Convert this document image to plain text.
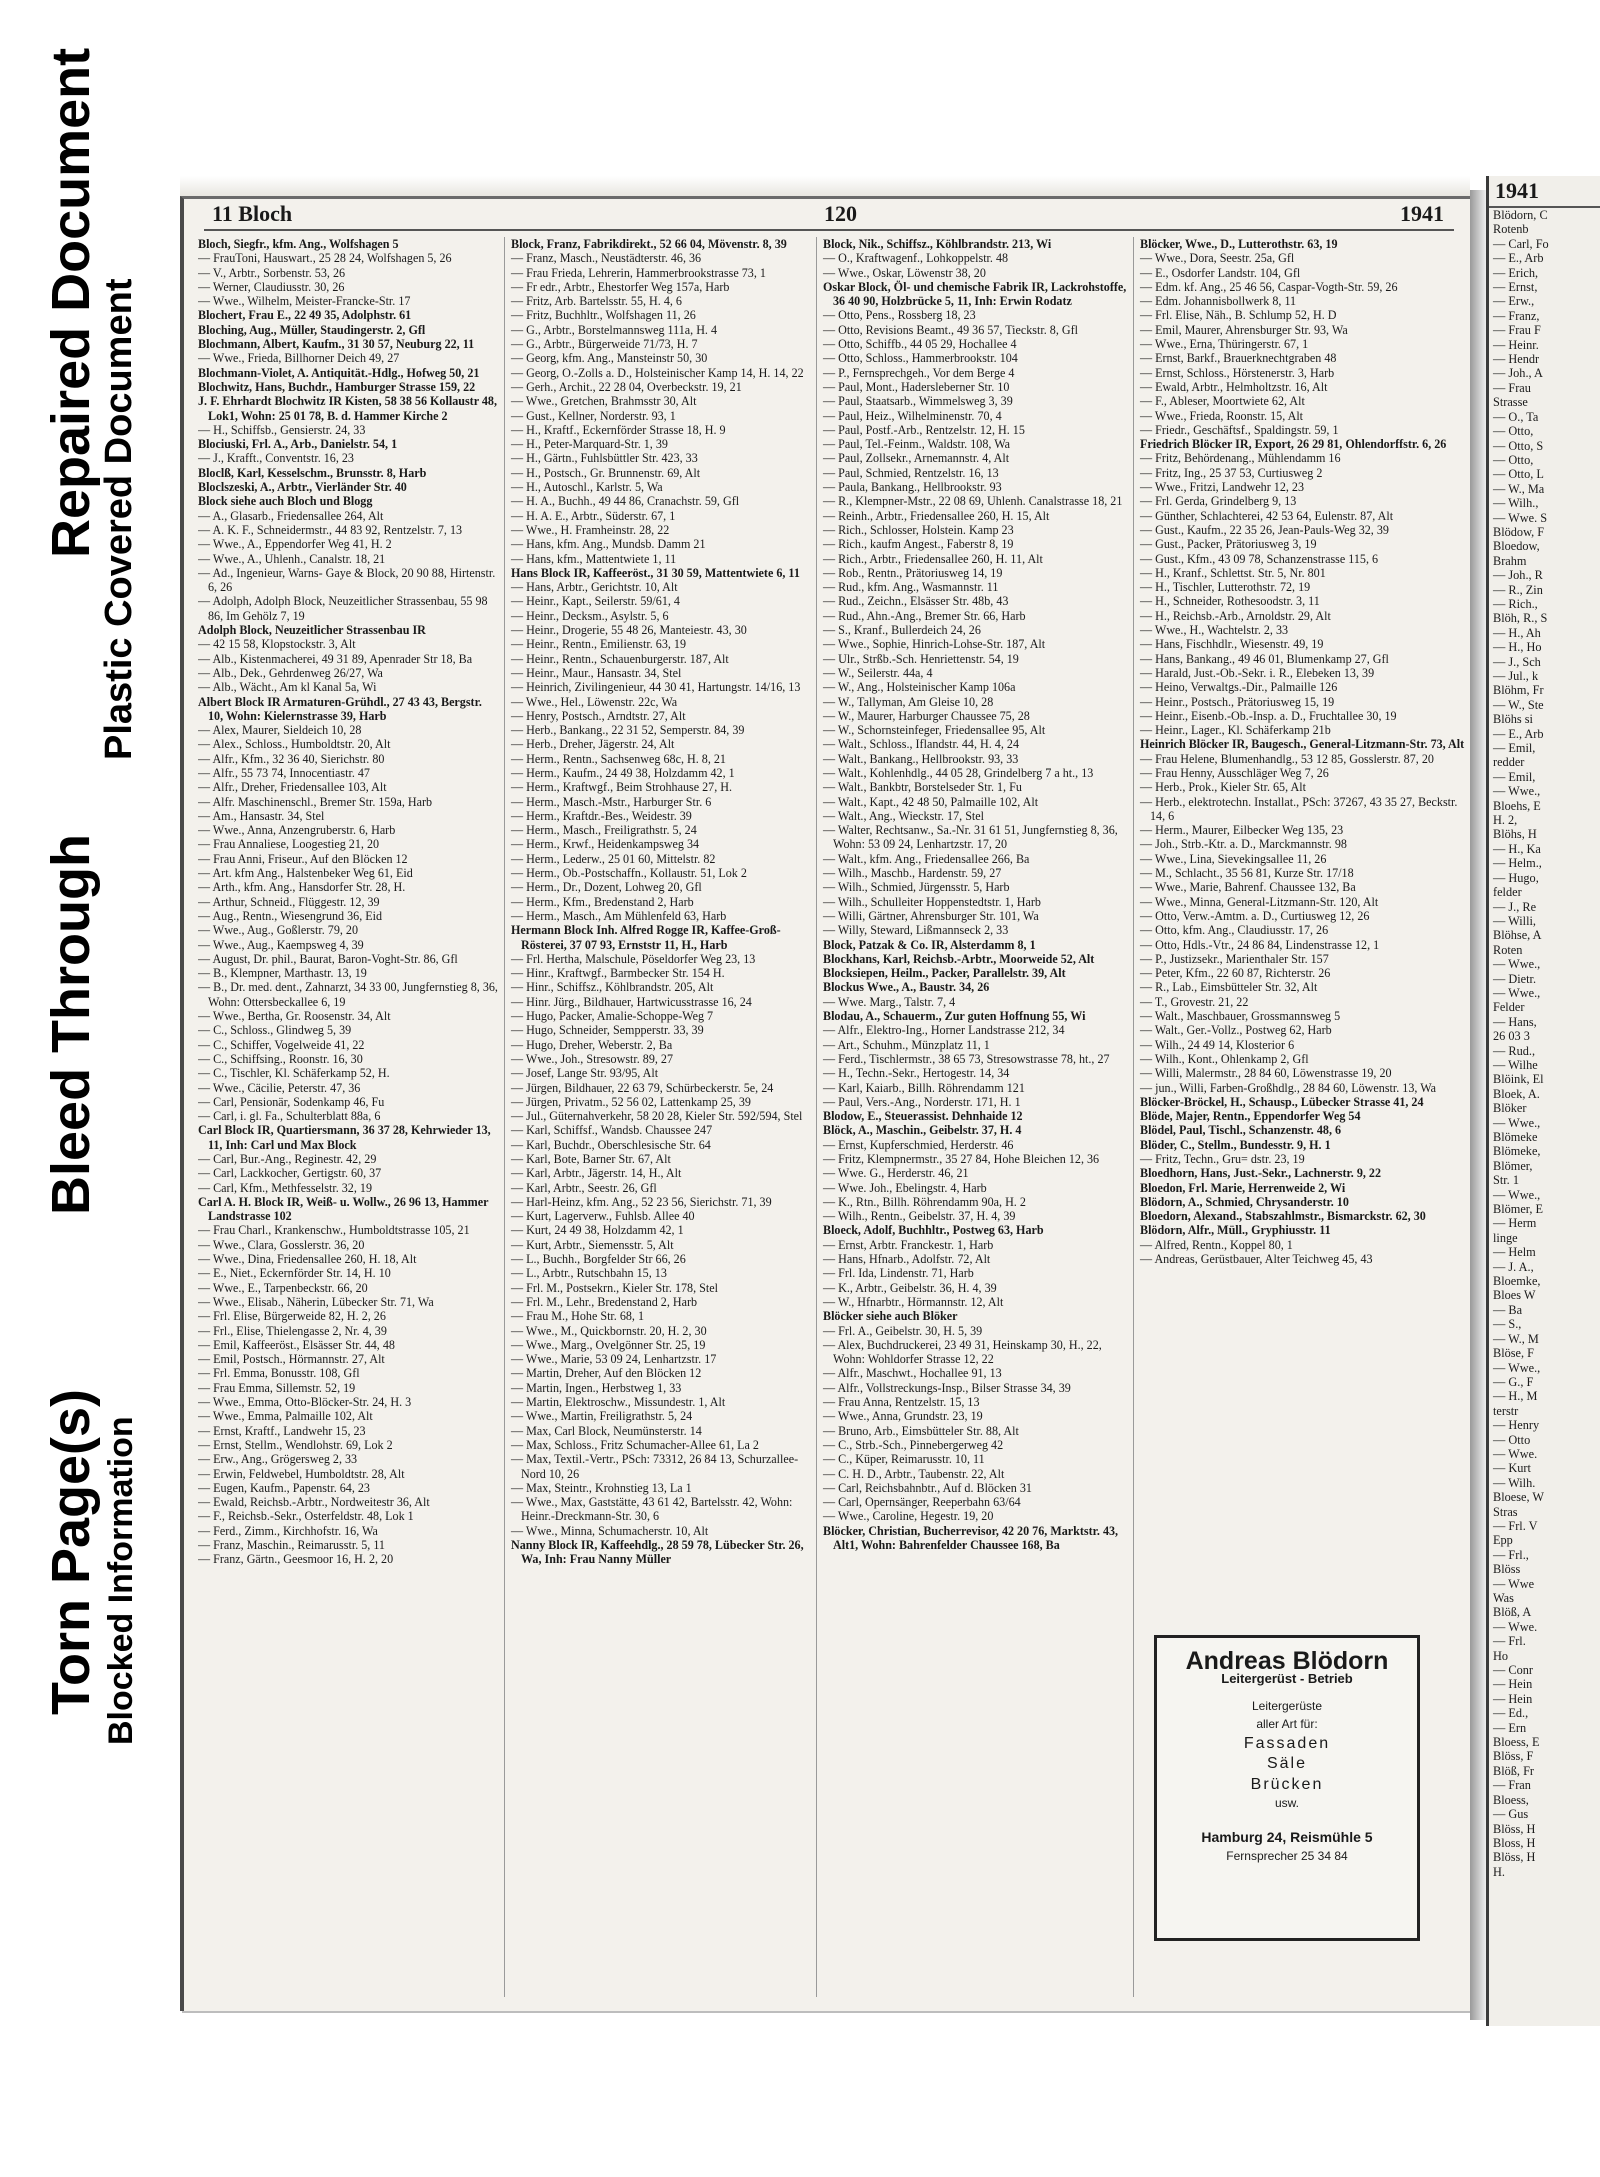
Repaired Document
Plastic Covered Document
Bleed Through
Torn Page(s) Blocked Information
11 Bloch	120	1941

Bloch, Siegfr., kfm. Ang., Wolfshagen 5

— FrauToni, Hauswart., 25 28 24, Wolfshagen 5, 26

— V., Arbtr., Sorbenstr. 53, 26

— Werner, Claudiusstr. 30, 26

— Wwe., Wilhelm, Meister-Francke-Str. 17

Blochert, Frau E., 22 49 35, Adolphstr. 61

Bloching, Aug., Müller, Staudingerstr. 2, Gfl

Blochmann, Albert, Kaufm., 31 30 57, Neuburg 22, 11

— Wwe., Frieda, Billhorner Deich 49, 27

Blochmann-Violet, A. Antiquität.-Hdlg., Hofweg 50, 21

Blochwitz, Hans, Buchdr., Hamburger Strasse 159, 22

J. F. Ehrhardt Blochwitz IR Kisten, 58 38 56 Kollaustr 48, Lok1, Wohn: 25 01 78, B. d. Hammer Kirche 2

— H., Schiffsb., Gensierstr. 24, 33

Blociuski, Frl. A., Arb., Danielstr. 54, 1

— J., Krafft., Conventstr. 16, 23

Bloclß, Karl, Kesselschm., Brunsstr. 8, Harb

Bloclszeski, A., Arbtr., Vierländer Str. 40

Block siehe auch Bloch und Blogg

— A., Glasarb., Friedensallee 264, Alt

— A. K. F., Schneidermstr., 44 83 92, Rentzelstr. 7, 13

— Wwe., A., Eppendorfer Weg 41, H. 2

— Wwe., A., Uhlenh., Canalstr. 18, 21

— Ad., Ingenieur, Warns- Gaye & Block, 20 90 88, Hirtenstr. 6, 26

— Adolph, Adolph Block, Neuzeitlicher Strassenbau, 55 98 86, Im Gehölz 7, 19

Adolph Block, Neuzeitlicher Strassenbau IR

— 42 15 58, Klopstockstr. 3, Alt

— Alb., Kistenmacherei, 49 31 89, Apenrader Str 18, Ba

— Alb., Dek., Gehrdenweg 26/27, Wa

— Alb., Wächt., Am kl Kanal 5a, Wi

Albert Block IR Armaturen-Grühdl., 27 43 43, Bergstr. 10, Wohn: Kielernstrasse 39, Harb

— Alex, Maurer, Sieldeich 10, 28

— Alex., Schloss., Humboldtstr. 20, Alt

— Alfr., Kfm., 32 36 40, Sierichstr. 80

— Alfr., 55 73 74, Innocentiastr. 47

— Alfr., Dreher, Friedensallee 103, Alt

— Alfr. Maschinenschl., Bremer Str. 159a, Harb

— Am., Hansastr. 34, Stel

— Wwe., Anna, Anzengruberstr. 6, Harb

— Frau Annaliese, Loogestieg 21, 20

— Frau Anni, Friseur., Auf den Blöcken 12

— Art. kfm Ang., Halstenbeker Weg 61, Eid

— Arth., kfm. Ang., Hansdorfer Str. 28, H.

— Arthur, Schneid., Flüggestr. 12, 39

— Aug., Rentn., Wiesengrund 36, Eid

— Wwe., Aug., Goßlerstr. 79, 20

— Wwe., Aug., Kaempsweg 4, 39

— August, Dr. phil., Baurat, Baron-Voght-Str. 86, Gfl

— B., Klempner, Marthastr. 13, 19

— B., Dr. med. dent., Zahnarzt, 34 33 00, Jungfernstieg 8, 36, Wohn: Ottersbeckallee 6, 19

— Wwe., Bertha, Gr. Roosenstr. 34, Alt

— C., Schloss., Glindweg 5, 39

— C., Schiffer, Vogelweide 41, 22

— C., Schiffsing., Roonstr. 16, 30

— C., Tischler, Kl. Schäferkamp 52, H.

— Wwe., Cäcilie, Peterstr. 47, 36

— Carl, Pensionär, Sodenkamp 46, Fu

— Carl, i. gl. Fa., Schulterblatt 88a, 6

Carl Block IR, Quartiersmann, 36 37 28, Kehrwieder 13, 11, Inh: Carl und Max Block

— Carl, Bur.-Ang., Reginestr. 42, 29

— Carl, Lackkocher, Gertigstr. 60, 37

— Carl, Kfm., Methfesselstr. 32, 19

Carl A. H. Block IR, Weiß- u. Wollw., 26 96 13, Hammer Landstrasse 102

— Frau Charl., Krankenschw., Humboldtstrasse 105, 21

— Wwe., Clara, Gosslerstr. 36, 20

— Wwe., Dina, Friedensallee 260, H. 18, Alt

— E., Niet., Eckernförder Str. 14, H. 10

— Wwe., E., Tarpenbeckstr. 66, 20

— Wwe., Elisab., Näherin, Lübecker Str. 71, Wa

— Frl. Elise, Bürgerweide 82, H. 2, 26

— Frl., Elise, Thielengasse 2, Nr. 4, 39

— Emil, Kaffeeröst., Elsässer Str. 44, 48

— Emil, Postsch., Hörmannstr. 27, Alt

— Frl. Emma, Bonusstr. 108, Gfl

— Frau Emma, Sillemstr. 52, 19

— Wwe., Emma, Otto-Blöcker-Str. 24, H. 3

— Wwe., Emma, Palmaille 102, Alt

— Ernst, Kraftf., Landwehr 15, 23

— Ernst, Stellm., Wendlohstr. 69, Lok 2

— Erw., Ang., Grögersweg 2, 33

— Erwin, Feldwebel, Humboldtstr. 28, Alt

— Eugen, Kaufm., Papenstr. 64, 23

— Ewald, Reichsb.-Arbtr., Nordweitestr 36, Alt

— F., Reichsb.-Sekr., Osterfeldstr. 48, Lok 1

— Ferd., Zimm., Kirchhofstr. 16, Wa

— Franz, Maschin., Reimarusstr. 5, 11

— Franz, Gärtn., Geesmoor 16, H. 2, 20

Block, Franz, Fabrikdirekt., 52 66 04, Mövenstr. 8, 39

— Franz, Masch., Neustädterstr. 46, 36

— Frau Frieda, Lehrerin, Hammerbrookstrasse 73, 1

— Fr edr., Arbtr., Ehestorfer Weg 157a, Harb

— Fritz, Arb. Bartelsstr. 55, H. 4, 6

— Fritz, Buchhltr., Wolfshagen 11, 26

— G., Arbtr., Borstelmannsweg 111a, H. 4

— G., Arbtr., Bürgerweide 71/73, H. 7

— Georg, kfm. Ang., Mansteinstr 50, 30

— Georg, O.-Zolls a. D., Holsteinischer Kamp 14, H. 14, 22

— Gerh., Archit., 22 28 04, Overbeckstr. 19, 21

— Wwe., Gretchen, Brahmsstr 30, Alt

— Gust., Kellner, Norderstr. 93, 1

— H., Kraftf., Eckernförder Strasse 18, H. 9

— H., Peter-Marquard-Str. 1, 39

— H., Gärtn., Fuhlsbüttler Str. 423, 33

— H., Postsch., Gr. Brunnenstr. 69, Alt

— H., Autoschl., Karlstr. 5, Wa

— H. A., Buchh., 49 44 86, Cranachstr. 59, Gfl

— H. A. E., Arbtr., Süderstr. 67, 1

— Wwe., H. Framheinstr. 28, 22

— Hans, kfm. Ang., Mundsb. Damm 21

— Hans, kfm., Mattentwiete 1, 11

Hans Block IR, Kaffeeröst., 31 30 59, Mattentwiete 6, 11

— Hans, Arbtr., Gerichtstr. 10, Alt

— Heinr., Kapt., Seilerstr. 59/61, 4

— Heinr., Decksm., Asylstr. 5, 6

— Heinr., Drogerie, 55 48 26, Manteiestr. 43, 30

— Heinr., Rentn., Emilienstr. 63, 19

— Heinr., Rentn., Schauenburgerstr. 187, Alt

— Heinr., Maur., Hansastr. 34, Stel

— Heinrich, Zivilingenieur, 44 30 41, Hartungstr. 14/16, 13

— Wwe., Hel., Löwenstr. 22c, Wa

— Henry, Postsch., Arndtstr. 27, Alt

— Herb., Bankang., 22 31 52, Semperstr. 84, 39

— Herb., Dreher, Jägerstr. 24, Alt

— Herm., Rentn., Sachsenweg 68c, H. 8, 21

— Herm., Kaufm., 24 49 38, Holzdamm 42, 1

— Herm., Kraftwgf., Beim Strohhause 27, H.

— Herm., Masch.-Mstr., Harburger Str. 6

— Herm., Kraftdr.-Bes., Weidestr. 39

— Herm., Masch., Freiligrathstr. 5, 24

— Herm., Krwf., Heidenkampsweg 34

— Herm., Lederw., 25 01 60, Mittelstr. 82

— Herm., Ob.-Postschaffn., Kollaustr. 51, Lok 2

— Herm., Dr., Dozent, Lohweg 20, Gfl

— Herm., Kfm., Bredenstand 2, Harb

— Herm., Masch., Am Mühlenfeld 63, Harb

Hermann Block Inh. Alfred Rogge IR, Kaffee-Groß-Rösterei, 37 07 93, Ernststr 11, H., Harb

— Frl. Hertha, Malschule, Pöseldorfer Weg 23, 13

— Hinr., Kraftwgf., Barmbecker Str. 154 H.

— Hinr., Schiffsz., Köhlbrandstr. 205, Alt

— Hinr. Jürg., Bildhauer, Hartwicusstrasse 16, 24

— Hugo, Packer, Amalie-Schoppe-Weg 7

— Hugo, Schneider, Sempperstr. 33, 39

— Hugo, Dreher, Weberstr. 2, Ba

— Wwe., Joh., Stresowstr. 89, 27

— Josef, Lange Str. 93/95, Alt

— Jürgen, Bildhauer, 22 63 79, Schürbeckerstr. 5e, 24

— Jürgen, Privatm., 52 56 02, Lattenkamp 25, 39

— Jul., Güternahverkehr, 58 20 28, Kieler Str. 592/594, Stel

— Karl, Schiffsf., Wandsb. Chaussee 247

— Karl, Buchdr., Oberschlesische Str. 64

— Karl, Bote, Barner Str. 67, Alt

— Karl, Arbtr., Jägerstr. 14, H., Alt

— Karl, Arbtr., Seestr. 26, Gfl

— Harl-Heinz, kfm. Ang., 52 23 56, Sierichstr. 71, 39

— Kurt, Lagerverw., Fuhlsb. Allee 40

— Kurt, 24 49 38, Holzdamm 42, 1

— Kurt, Arbtr., Siemensstr. 5, Alt

— L., Buchh., Borgfelder Str 66, 26

— L., Arbtr., Rutschbahn 15, 13

— Frl. M., Postsekrn., Kieler Str. 178, Stel

— Frl. M., Lehr., Bredenstand 2, Harb

— Frau M., Hohe Str. 68, 1

— Wwe., M., Quickbornstr. 20, H. 2, 30

— Wwe., Marg., Ovelgönner Str. 25, 19

— Wwe., Marie, 53 09 24, Lenhartzstr. 17

— Martin, Dreher, Auf den Blöcken 12

— Martin, Ingen., Herbstweg 1, 33

— Martin, Elektroschw., Missundestr. 1, Alt

— Wwe., Martin, Freiligrathstr. 5, 24

— Max, Carl Block, Neumünsterstr. 14

— Max, Schloss., Fritz Schumacher-Allee 61, La 2

— Max, Textil.-Vertr., PSch: 73312, 26 84 13, Schurzallee-Nord 10, 26

— Max, Steintr., Krohnstieg 13, La 1

— Wwe., Max, Gaststätte, 43 61 42, Bartelsstr. 42, Wohn: Heinr.-Dreckmann-Str. 30, 6

— Wwe., Minna, Schumacherstr. 10, Alt

Nanny Block IR, Kaffeehdlg., 28 59 78, Lübecker Str. 26, Wa, Inh: Frau Nanny Müller

Block, Nik., Schiffsz., Köhlbrandstr. 213, Wi

— O., Kraftwagenf., Lohkoppelstr. 48

— Wwe., Oskar, Löwenstr 38, 20

Oskar Block, Öl- und chemische Fabrik IR, Lackrohstoffe, 36 40 90, Holzbrücke 5, 11, Inh: Erwin Rodatz

— Otto, Pens., Rossberg 18, 23

— Otto, Revisions Beamt., 49 36 57, Tieckstr. 8, Gfl

— Otto, Schiffb., 44 05 29, Hochallee 4

— Otto, Schloss., Hammerbrookstr. 104

— P., Fernsprechgeh., Vor dem Berge 4

— Paul, Mont., Hadersleberner Str. 10

— Paul, Staatsarb., Wimmelsweg 3, 39

— Paul, Heiz., Wilhelminenstr. 70, 4

— Paul, Postf.-Arb., Rentzelstr. 12, H. 15

— Paul, Tel.-Feinm., Waldstr. 108, Wa

— Paul, Zollsekr., Arnemannstr. 4, Alt

— Paul, Schmied, Rentzelstr. 16, 13

— Paula, Bankang., Hellbrookstr. 93

— R., Klempner-Mstr., 22 08 69, Uhlenh. Canalstrasse 18, 21

— Reinh., Arbtr., Friedensallee 260, H. 15, Alt

— Rich., Schlosser, Holstein. Kamp 23

— Rich., kaufm Angest., Faberstr 8, 19

— Rich., Arbtr., Friedensallee 260, H. 11, Alt

— Rob., Rentn., Prätoriusweg 14, 19

— Rud., kfm. Ang., Wasmannstr. 11

— Rud., Zeichn., Elsässer Str. 48b, 43

— Rud., Ahn.-Ang., Bremer Str. 66, Harb

— S., Kranf., Bullerdeich 24, 26

— Wwe., Sophie, Hinrich-Lohse-Str. 187, Alt

— Ulr., Strßb.-Sch. Henriettenstr. 54, 19

— W., Seilerstr. 44a, 4

— W., Ang., Holsteinischer Kamp 106a

— W., Tallyman, Am Gleise 10, 28

— W., Maurer, Harburger Chaussee 75, 28

— W., Schornsteinfeger, Friedensallee 95, Alt

— Walt., Schloss., Iflandstr. 44, H. 4, 24

— Walt., Bankang., Hellbrookstr. 93, 33

— Walt., Kohlenhdlg., 44 05 28, Grindelberg 7 a ht., 13

— Walt., Bankbtr, Borstelseder Str. 1, Fu

— Walt., Kapt., 42 48 50, Palmaille 102, Alt

— Walt., Ang., Wieckstr. 17, Stel

— Walter, Rechtsanw., Sa.-Nr. 31 61 51, Jungfernstieg 8, 36, Wohn: 53 09 24, Lenhartzstr. 17, 20

— Walt., kfm. Ang., Friedensallee 266, Ba

— Wilh., Maschb., Hardenstr. 59, 27

— Wilh., Schmied, Jürgensstr. 5, Harb

— Wilh., Schulleiter Hoppenstedtstr. 1, Harb

— Willi, Gärtner, Ahrensburger Str. 101, Wa

— Willy, Steward, Lißmannseck 2, 33

Block, Patzak & Co. IR, Alsterdamm 8, 1

Blockhans, Karl, Reichsb.-Arbtr., Moorweide 52, Alt

Blocksiepen, Heilm., Packer, Parallelstr. 39, Alt

Blockus Wwe., A., Baustr. 34, 26

— Wwe. Marg., Talstr. 7, 4

Blodau, A., Schauerm., Zur guten Hoffnung 55, Wi

— Alfr., Elektro-Ing., Horner Landstrasse 212, 34

— Art., Schuhm., Münzplatz 11, 1

— Ferd., Tischlermstr., 38 65 73, Stresowstrasse 78, ht., 27

— H., Techn.-Sekr., Hertogestr. 14, 34

— Karl, Kaiarb., Billh. Röhrendamm 121

— Paul, Vers.-Ang., Norderstr. 171, H. 1

Blodow, E., Steuerassist. Dehnhaide 12

Blöck, A., Maschin., Geibelstr. 37, H. 4

— Ernst, Kupferschmied, Herderstr. 46

— Fritz, Klempnermstr., 35 27 84, Hohe Bleichen 12, 36

— Wwe. G., Herderstr. 46, 21

— Wwe. Joh., Ebelingstr. 4, Harb

— K., Rtn., Billh. Röhrendamm 90a, H. 2

— Wilh., Rentn., Geibelstr. 37, H. 4, 39

Bloeck, Adolf, Buchhltr., Postweg 63, Harb

— Ernst, Arbtr. Franckestr. 1, Harb

— Hans, Hfnarb., Adolfstr. 72, Alt

— Frl. Ida, Lindenstr. 71, Harb

— K., Arbtr., Geibelstr. 36, H. 4, 39

— W., Hfnarbtr., Hörmannstr. 12, Alt

Blöcker siehe auch Blöker

— Frl. A., Geibelstr. 30, H. 5, 39

— Alex, Buchdruckerei, 23 49 31, Heinskamp 30, H., 22, Wohn: Wohldorfer Strasse 12, 22

— Alfr., Maschwt., Hochallee 91, 13

— Alfr., Vollstreckungs-Insp., Bilser Strasse 34, 39

— Frau Anna, Rentzelstr. 15, 13

— Wwe., Anna, Grundstr. 23, 19

— Bruno, Arb., Eimsbütteler Str. 88, Alt

— C., Strb.-Sch., Pinnebergerweg 42

— C., Küper, Reimarusstr. 10, 11

— C. H. D., Arbtr., Taubenstr. 22, Alt

— Carl, Reichsbahnbtr., Auf d. Blöcken 31

— Carl, Opernsänger, Reeperbahn 63/64

— Wwe., Caroline, Hegestr. 19, 20

Blöcker, Christian, Bucherrevisor, 42 20 76, Marktstr. 43, Alt1, Wohn: Bahrenfelder Chaussee 168, Ba

Blöcker, Wwe., D., Lutterothstr. 63, 19

— Wwe., Dora, Seestr. 25a, Gfl

— E., Osdorfer Landstr. 104, Gfl

— Edm. kf. Ang., 25 46 56, Caspar-Vogth-Str. 59, 26

— Edm. Johannisbollwerk 8, 11

— Frl. Elise, Näh., B. Schlump 52, H. D

— Emil, Maurer, Ahrensburger Str. 93, Wa

— Wwe., Erna, Thüringerstr. 67, 1

— Ernst, Barkf., Brauerknechtgraben 48

— Ernst, Schloss., Hörstenerstr. 3, Harb

— Ewald, Arbtr., Helmholtzstr. 16, Alt

— F., Ableser, Moortwiete 62, Alt

— Wwe., Frieda, Roonstr. 15, Alt

— Friedr., Geschäftsf., Spaldingstr. 59, 1

Friedrich Blöcker IR, Export, 26 29 81, Ohlendorffstr. 6, 26

— Fritz, Behördenang., Mühlendamm 16

— Fritz, Ing., 25 37 53, Curtiusweg 2

— Wwe., Fritzi, Landwehr 12, 23

— Frl. Gerda, Grindelberg 9, 13

— Günther, Schlachterei, 42 53 64, Eulenstr. 87, Alt

— Gust., Kaufm., 22 35 26, Jean-Pauls-Weg 32, 39

— Gust., Packer, Prätoriusweg 3, 19

— Gust., Kfm., 43 09 78, Schanzenstrasse 115, 6

— H., Kranf., Schlettst. Str. 5, Nr. 801

— H., Tischler, Lutterothstr. 72, 19

— H., Schneider, Rothesoodstr. 3, 11

— H., Reichsb.-Arb., Arnoldstr. 29, Alt

— Wwe., H., Wachtelstr. 2, 33

— Hans, Fischhdlr., Wiesenstr. 49, 19

— Hans, Bankang., 49 46 01, Blumenkamp 27, Gfl

— Harald, Just.-Ob.-Sekr. i. R., Elebeken 13, 39

— Heino, Verwaltgs.-Dir., Palmaille 126

— Heinr., Postsch., Prätoriusweg 15, 19

— Heinr., Eisenb.-Ob.-Insp. a. D., Fruchtallee 30, 19

— Heinr., Lager., Kl. Schäferkamp 21b

Heinrich Blöcker IR, Baugesch., General-Litzmann-Str. 73, Alt

— Frau Helene, Blumenhandlg., 53 12 85, Gosslerstr. 87, 20

— Frau Henny, Ausschläger Weg 7, 26

— Herb., Prok., Kieler Str. 65, Alt

— Herb., elektrotechn. Installat., PSch: 37267, 43 35 27, Beckstr. 14, 6

— Herm., Maurer, Eilbecker Weg 135, 23

— Joh., Strb.-Ktr. a. D., Marckmannstr. 98

— Wwe., Lina, Sievekingsallee 11, 26

— M., Schlacht., 35 56 81, Kurze Str. 17/18

— Wwe., Marie, Bahrenf. Chaussee 132, Ba

— Wwe., Minna, General-Litzmann-Str. 120, Alt

— Otto, Verw.-Amtm. a. D., Curtiusweg 12, 26

— Otto, kfm. Ang., Claudiusstr. 17, 26

— Otto, Hdls.-Vtr., 24 86 84, Lindenstrasse 12, 1

— P., Justizsekr., Marienthaler Str. 157

— Peter, Kfm., 22 60 87, Richterstr. 26

— R., Lab., Eimsbütteler Str. 32, Alt

— T., Grovestr. 21, 22

— Walt., Maschbauer, Grossmannsweg 5

— Walt., Ger.-Vollz., Postweg 62, Harb

— Wilh., 24 49 14, Klosterior 6

— Wilh., Kont., Ohlenkamp 2, Gfl

— Willi, Malermstr., 28 84 60, Löwenstrasse 19, 20

— jun., Willi, Farben-Großhdlg., 28 84 60, Löwenstr. 13, Wa

Blöcker-Bröckel, H., Schausp., Lübecker Strasse 41, 24

Blöde, Majer, Rentn., Eppendorfer Weg 54

Blödel, Paul, Tischl., Schanzenstr. 48, 6

Blöder, C., Stellm., Bundesstr. 9, H. 1

— Fritz, Techn., Gru= dstr. 23, 19

Bloedhorn, Hans, Just.-Sekr., Lachnerstr. 9, 22

Bloedon, Frl. Marie, Herrenweide 2, Wi

Blödorn, A., Schmied, Chrysanderstr. 10

Bloedorn, Alexand., Stabszahlmstr., Bismarckstr. 62, 30

Blödorn, Alfr., Müll., Gryphiusstr. 11

— Alfred, Rentn., Koppel 80, 1

— Andreas, Gerüstbauer, Alter Teichweg 45, 43

Andreas Blödorn
Leitergerüst - Betrieb
Leitergerüste
aller Art für:
Fassaden
Säle
Brücken
usw.
Hamburg 24, Reismühle 5
Fernsprecher 25 34 84
1941
Blödorn, C
Rotenb
— Carl, Fo
— E., Arb
— Erich,
— Ernst,
— Erw.,
— Franz,
— Frau F
— Heinr.
— Hendr
— Joh., A
— Frau
Strasse
— O., Ta
— Otto,
— Otto, S
— Otto,
— Otto, L
— W., Ma
— Wilh.,
— Wwe. S
Blödow, F
Bloedow,
Brahm
— Joh., R
— R., Zin
— Rich.,
Blöh, R., S
— H., Ah
— H., Ho
— J., Sch
— Jul., k
Blöhm, Fr
— W., Ste
Blöhs si
— E., Arb
— Emil,
redder
— Emil,
— Wwe.,
Bloehs, E
H. 2,
Blöhs, H
— H., Ka
— Helm.,
— Hugo,
felder
— J., Re
— Willi,
Blöhse, A
Roten
— Wwe.,
— Dietr.
— Wwe.,
Felder
— Hans,
26 03 3
— Rud.,
— Wilhe
Blöink, El
Bloek, A.
Blöker
— Wwe.,
Blömeke
Blömeke,
Blömer,
Str. 1
— Wwe.,
Blömer, E
— Herm
linge
— Helm
— J. A.,
Bloemke,
Bloes W
— Ba
— S.,
— W., M
Blöse, F
— Wwe.,
— G., F
— H., M
terstr
— Henry
— Otto
— Wwe.
— Kurt
— Wilh.
Bloese, W
Stras
— Frl. V
Epp
— Frl.,
Blöss
— Wwe
Was
Blöß, A
— Wwe.
— Frl.
Ho
— Conr
— Hein
— Hein
— Ed.,
— Ern
Bloess, E
Blöss, F
Blöß, Fr
— Fran
Bloess,
— Gus
Blöss, H
Bloss, H
Blöss, H
H.
